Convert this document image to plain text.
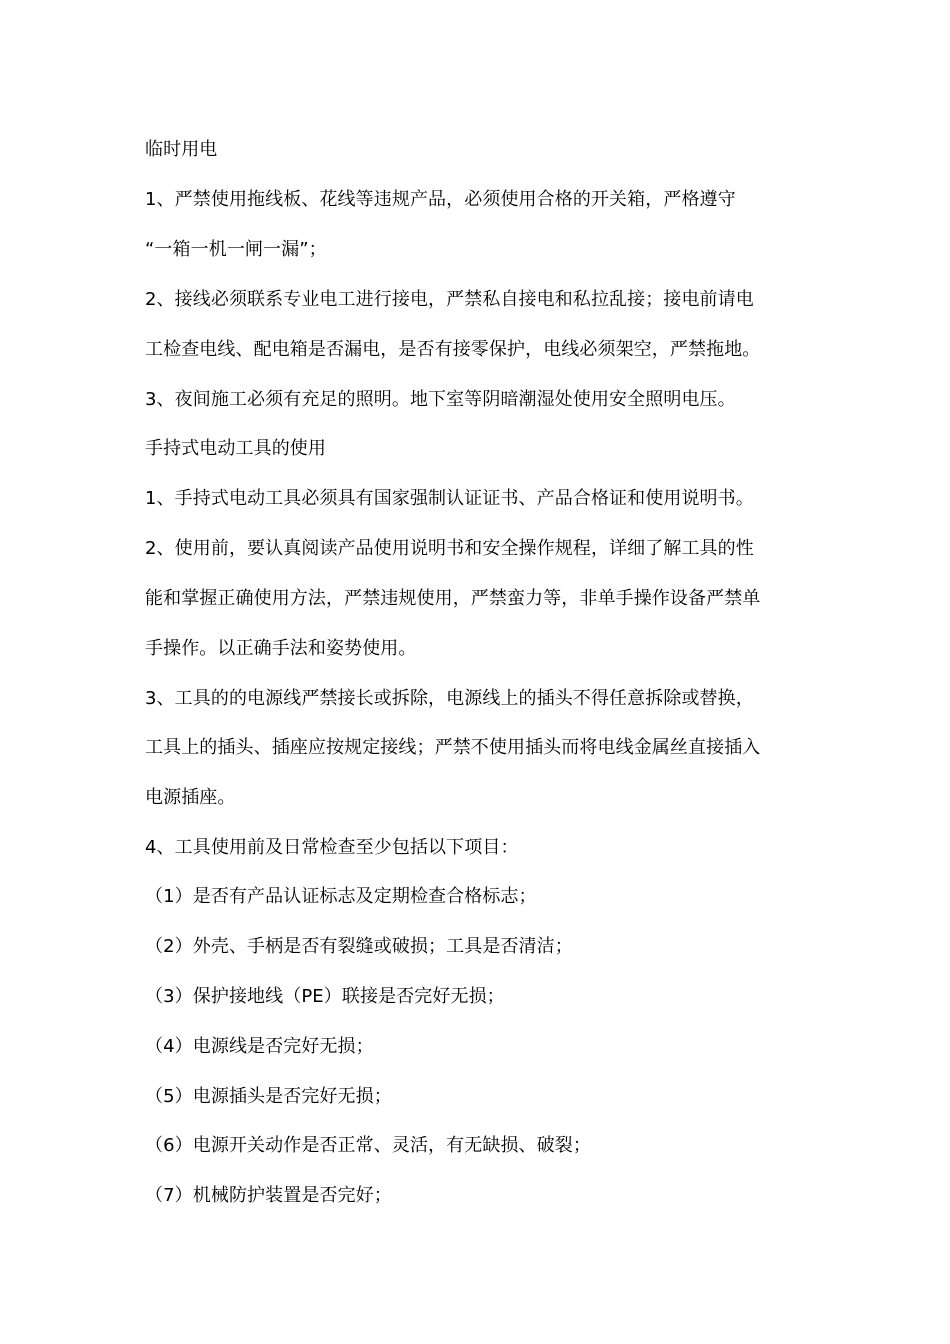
临时用电
1、严禁使用拖线板、花线等违规产品，必须使用合格的开关箱，严格遵守
“一箱一机一闸一漏”；
2、接线必须联系专业电工进行接电，严禁私自接电和私拉乱接；接电前请电
工检查电线、配电箱是否漏电，是否有接零保护，电线必须架空，严禁拖地。
3、夜间施工必须有充足的照明。地下室等阴暗潮湿处使用安全照明电压。
手持式电动工具的使用
1、手持式电动工具必须具有国家强制认证证书、产品合格证和使用说明书。
2、使用前，要认真阅读产品使用说明书和安全操作规程，详细了解工具的性
能和掌握正确使用方法，严禁违规使用，严禁蛮力等，非单手操作设备严禁单
手操作。以正确手法和姿势使用。
3、工具的的电源线严禁接长或拆除，电源线上的插头不得任意拆除或替换，
工具上的插头、插座应按规定接线；严禁不使用插头而将电线金属丝直接插入
电源插座。
4、工具使用前及日常检查至少包括以下项目：
（1）是否有产品认证标志及定期检查合格标志；
（2）外壳、手柄是否有裂缝或破损；工具是否清洁；
（3）保护接地线（PE）联接是否完好无损；
（4）电源线是否完好无损；
（5）电源插头是否完好无损；
（6）电源开关动作是否正常、灵活，有无缺损、破裂；
（7）机械防护装置是否完好；
